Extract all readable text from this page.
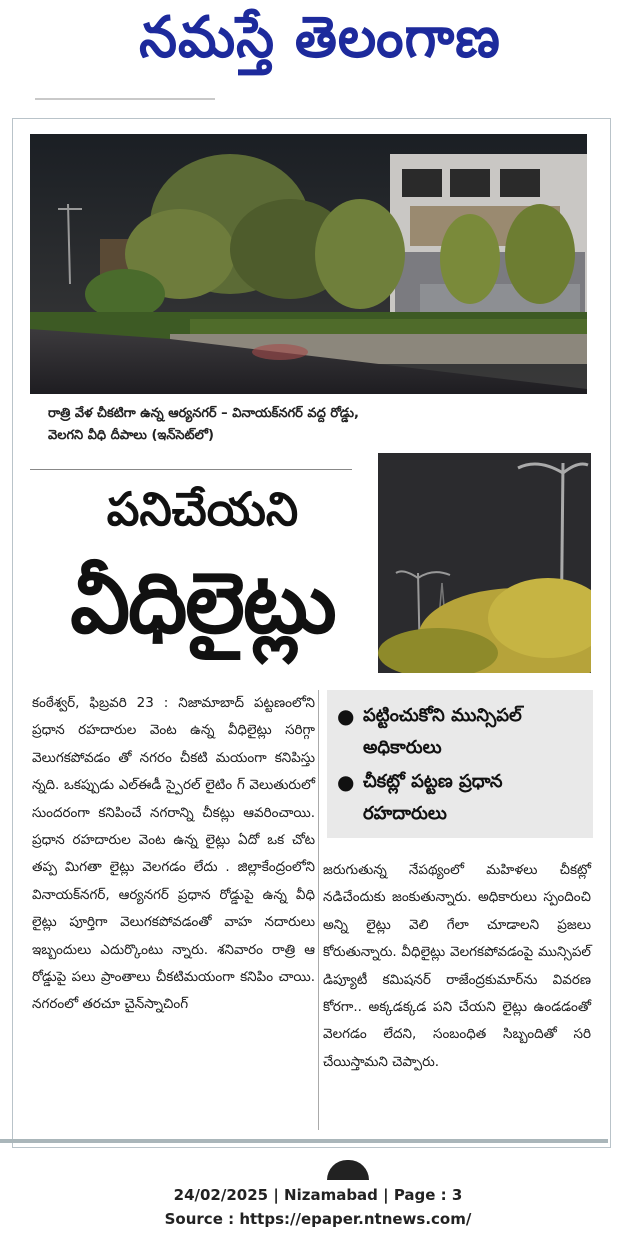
నమస్తే తెలంగాణ
రాత్రి వేళ చీకటిగా ఉన్న ఆర్యనగర్ – వినాయక్‌నగర్ వద్ద రోడ్డు, వెలగని వీధి దీపాలు (ఇన్‌సెట్‌లో)
పనిచేయని
వీధిలైట్లు
● పట్టించుకోని మున్సిపల్ అధికారులు
● చీకట్లో పట్టణ ప్రధాన రహదారులు
కంఠేశ్వర్, ఫిబ్రవరి 23 : నిజామాబాద్ పట్టణంలోని ప్రధాన రహదారుల వెంట ఉన్న వీధిలైట్లు సరిగ్గా వెలుగకపోవడం తో నగరం చీకటి మయంగా కనిపిస్తు న్నది. ఒకప్పుడు ఎల్‌ఈడీ స్పైరల్ లైటిం గ్ వెలుతురులో సుందరంగా కనిపించే నగరాన్ని చీకట్లు ఆవరించాయి. ప్రధాన రహదారుల వెంట ఉన్న లైట్లు ఏదో ఒక చోట తప్ప మిగతా లైట్లు వెలగడం లేదు . జిల్లాకేంద్రంలోని వినాయక్‌నగర్, ఆర్యనగర్ ప్రధాన రోడ్డుపై ఉన్న వీధి లైట్లు పూర్తిగా వెలుగకపోవడంతో వాహ నదారులు ఇబ్బందులు ఎదుర్కొంటు న్నారు. శనివారం రాత్రి ఆ రోడ్డుపై పలు ప్రాంతాలు చీకటిమయంగా కనిపిం చాయి. నగరంలో తరచూ చైన్‌స్నాచింగ్
జరుగుతున్న నేపథ్యంలో మహిళలు చీకట్లో నడిచేందుకు జంకుతున్నారు. అధికారులు స్పందించి అన్ని లైట్లు వెలి గేలా చూడాలని ప్రజలు కోరుతున్నారు. వీధిలైట్లు వెలగకపోవడంపై మున్సిపల్ డిప్యూటీ కమిషనర్ రాజేంద్రకుమార్‌ను వివరణ కోరగా.. అక్కడక్కడ పని చేయని లైట్లు ఉండడంతో వెలగడం లేదని, సంబంధిత సిబ్బందితో సరి చేయిస్తామని చెప్పారు.
24/02/2025 | Nizamabad | Page : 3
Source : https://epaper.ntnews.com/
